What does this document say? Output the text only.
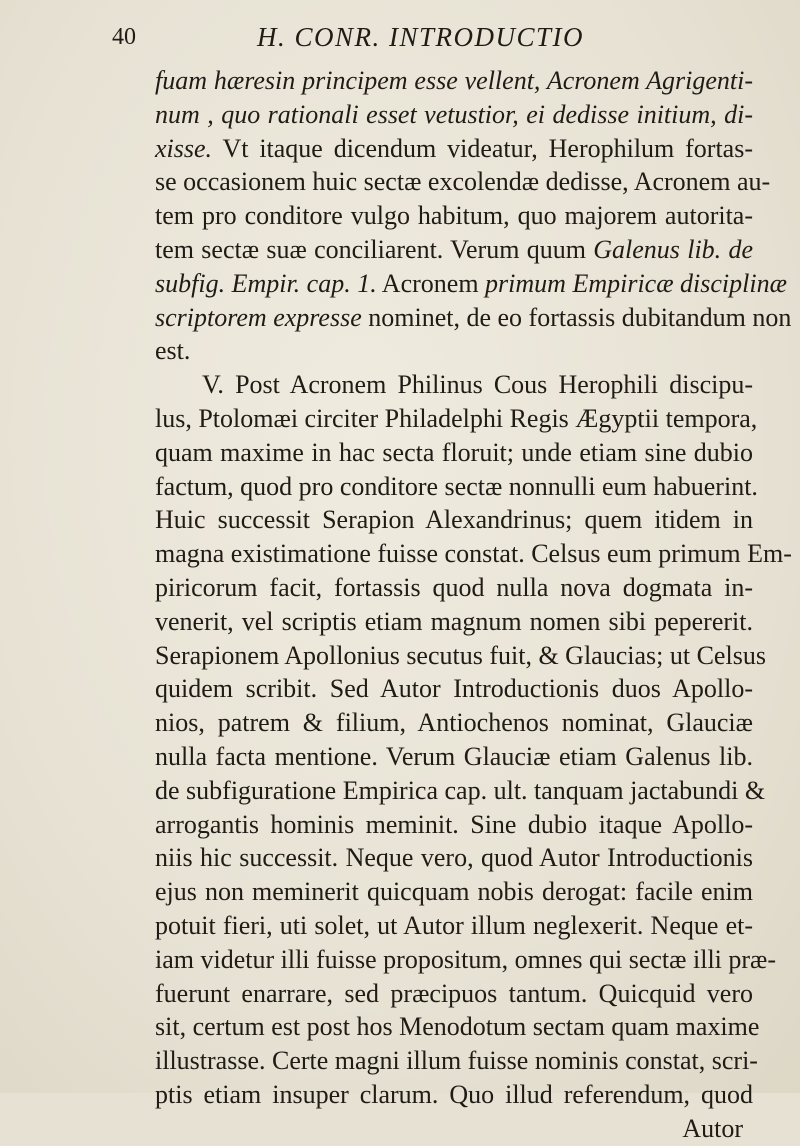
40	H. CONR. INTRODUCTIO
fuam hæresin principem esse vellent, Acronem Agrigenti-
num , quo rationali esset vetustior, ei dedisse initium, di-
xisse. Vt itaque dicendum videatur, Herophilum fortas-
se occasionem huic sectæ excolendæ dedisse, Acronem au-
tem pro conditore vulgo habitum, quo majorem autorita-
tem sectæ suæ conciliarent. Verum quum Galenus lib. de
subfig. Empir. cap. 1. Acronem primum Empiricæ disciplinæ
scriptorem expresse nominet, de eo fortassis dubitandum non
est.
V. Post Acronem Philinus Cous Herophili discipu-
lus, Ptolomæi circiter Philadelphi Regis Ægyptii tempora,
quam maxime in hac secta floruit; unde etiam sine dubio
factum, quod pro conditore sectæ nonnulli eum habuerint.
Huic successit Serapion Alexandrinus; quem itidem in
magna existimatione fuisse constat. Celsus eum primum Em-
piricorum facit, fortassis quod nulla nova dogmata in-
venerit, vel scriptis etiam magnum nomen sibi pepererit.
Serapionem Apollonius secutus fuit, & Glaucias; ut Celsus
quidem scribit. Sed Autor Introductionis duos Apollo-
nios, patrem & filium, Antiochenos nominat, Glauciæ
nulla facta mentione. Verum Glauciæ etiam Galenus lib.
de subfiguratione Empirica cap. ult. tanquam jactabundi &
arrogantis hominis meminit. Sine dubio itaque Apollo-
niis hic successit. Neque vero, quod Autor Introductionis
ejus non meminerit quicquam nobis derogat: facile enim
potuit fieri, uti solet, ut Autor illum neglexerit. Neque et-
iam videtur illi fuisse propositum, omnes qui sectæ illi præ-
fuerunt enarrare, sed præcipuos tantum. Quicquid vero
sit, certum est post hos Menodotum sectam quam maxime
illustrasse. Certe magni illum fuisse nominis constat, scri-
ptis etiam insuper clarum. Quo illud referendum, quod
Autor
